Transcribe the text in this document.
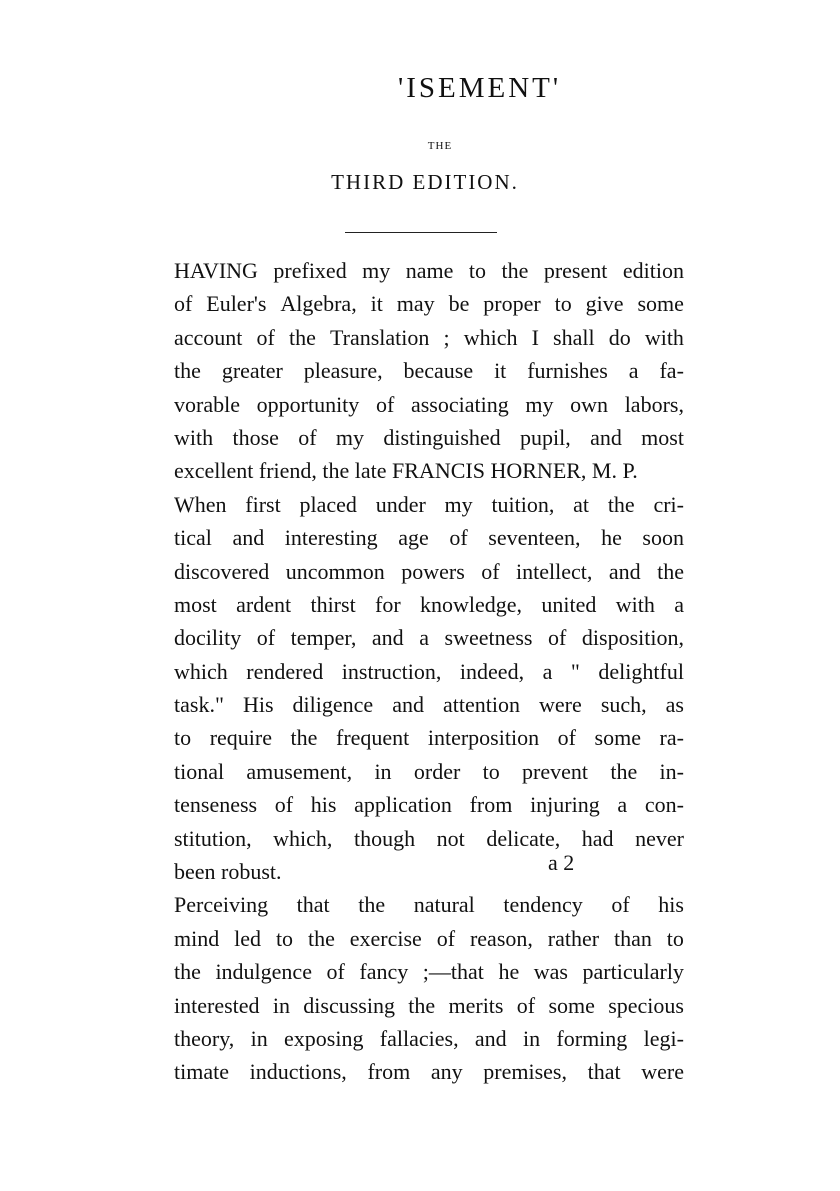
'ISEMENT'
THE
THIRD EDITION.
HAVING prefixed my name to the present edition
of Euler's Algebra, it may be proper to give some
account of the Translation ; which I shall do with
the greater pleasure, because it furnishes a fa-
vorable opportunity of associating my own labors,
with those of my distinguished pupil, and most
excellent friend, the late FRANCIS HORNER, M. P.
When first placed under my tuition, at the cri-
tical and interesting age of seventeen, he soon
discovered uncommon powers of intellect, and the
most ardent thirst for knowledge, united with a
docility of temper, and a sweetness of disposition,
which rendered instruction, indeed, a " delightful
task." His diligence and attention were such, as
to require the frequent interposition of some ra-
tional amusement, in order to prevent the in-
tenseness of his application from injuring a con-
stitution, which, though not delicate, had never
been robust.
Perceiving that the natural tendency of his
mind led to the exercise of reason, rather than to
the indulgence of fancy ;—that he was particularly
interested in discussing the merits of some specious
theory, in exposing fallacies, and in forming legi-
timate inductions, from any premises, that were
a 2
